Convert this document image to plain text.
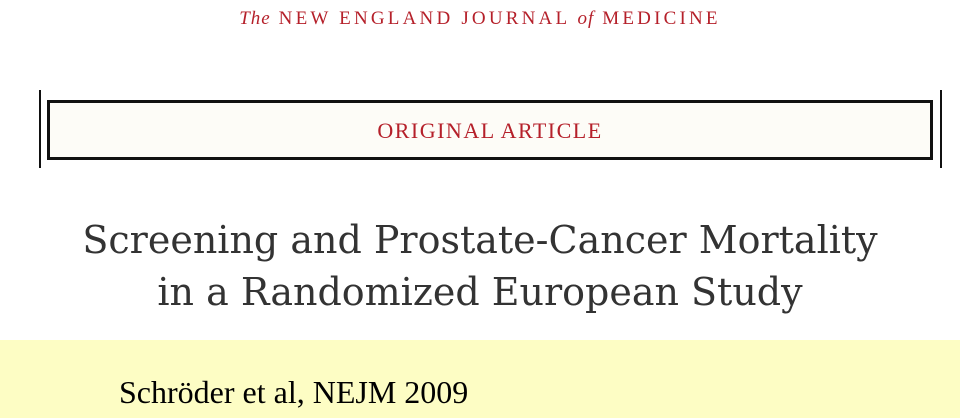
The NEW ENGLAND JOURNAL of MEDICINE
ORIGINAL ARTICLE
Screening and Prostate-Cancer Mortality
in a Randomized European Study
Schröder et al, NEJM 2009
